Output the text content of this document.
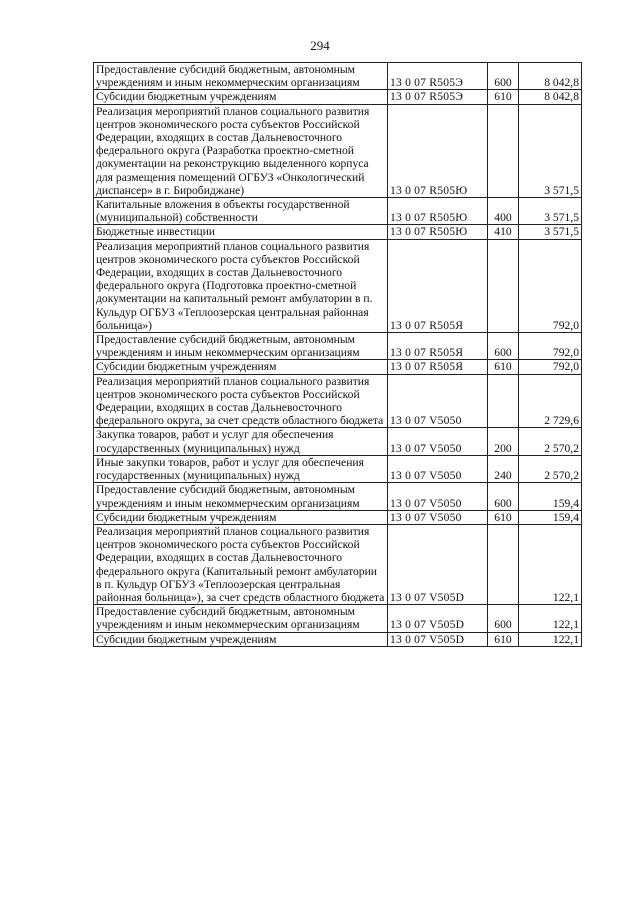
294
Предоставление субсидий бюджетным, автономным учреждениям и иным некоммерческим организациям	13 0 07 R505Э	600	8 042,8
Субсидии бюджетным учреждениям	13 0 07 R505Э	610	8 042,8
Реализация мероприятий планов социального развития центров экономического роста субъектов Российской Федерации, входящих в состав Дальневосточного федерального округа (Разработка проектно-сметной документации на реконструкцию выделенного корпуса для размещения помещений ОГБУЗ «Онкологический диспансер» в г. Биробиджане)	13 0 07 R505Ю		3 571,5
Капитальные вложения в объекты государственной (муниципальной) собственности	13 0 07 R505Ю	400	3 571,5
Бюджетные инвестиции	13 0 07 R505Ю	410	3 571,5
Реализация мероприятий планов социального развития центров экономического роста субъектов Российской Федерации, входящих в состав Дальневосточного федерального округа (Подготовка проектно-сметной документации на капитальный ремонт амбулатории в п. Кульдур ОГБУЗ «Теплоозерская центральная районная больница»)	13 0 07 R505Я		792,0
Предоставление субсидий бюджетным, автономным учреждениям и иным некоммерческим организациям	13 0 07 R505Я	600	792,0
Субсидии бюджетным учреждениям	13 0 07 R505Я	610	792,0
Реализация мероприятий планов социального развития центров экономического роста субъектов Российской Федерации, входящих в состав Дальневосточного федерального округа, за счет средств областного бюджета	13 0 07 V5050		2 729,6
Закупка товаров, работ и услуг для обеспечения государственных (муниципальных) нужд	13 0 07 V5050	200	2 570,2
Иные закупки товаров, работ и услуг для обеспечения государственных (муниципальных) нужд	13 0 07 V5050	240	2 570,2
Предоставление субсидий бюджетным, автономным учреждениям и иным некоммерческим организациям	13 0 07 V5050	600	159,4
Субсидии бюджетным учреждениям	13 0 07 V5050	610	159,4
Реализация мероприятий планов социального развития центров экономического роста субъектов Российской Федерации, входящих в состав Дальневосточного федерального округа (Капитальный ремонт амбулатории в п. Кульдур ОГБУЗ «Теплоозерская центральная районная больница»), за счет средств областного бюджета	13 0 07 V505D		122,1
Предоставление субсидий бюджетным, автономным учреждениям и иным некоммерческим организациям	13 0 07 V505D	600	122,1
Субсидии бюджетным учреждениям	13 0 07 V505D	610	122,1
